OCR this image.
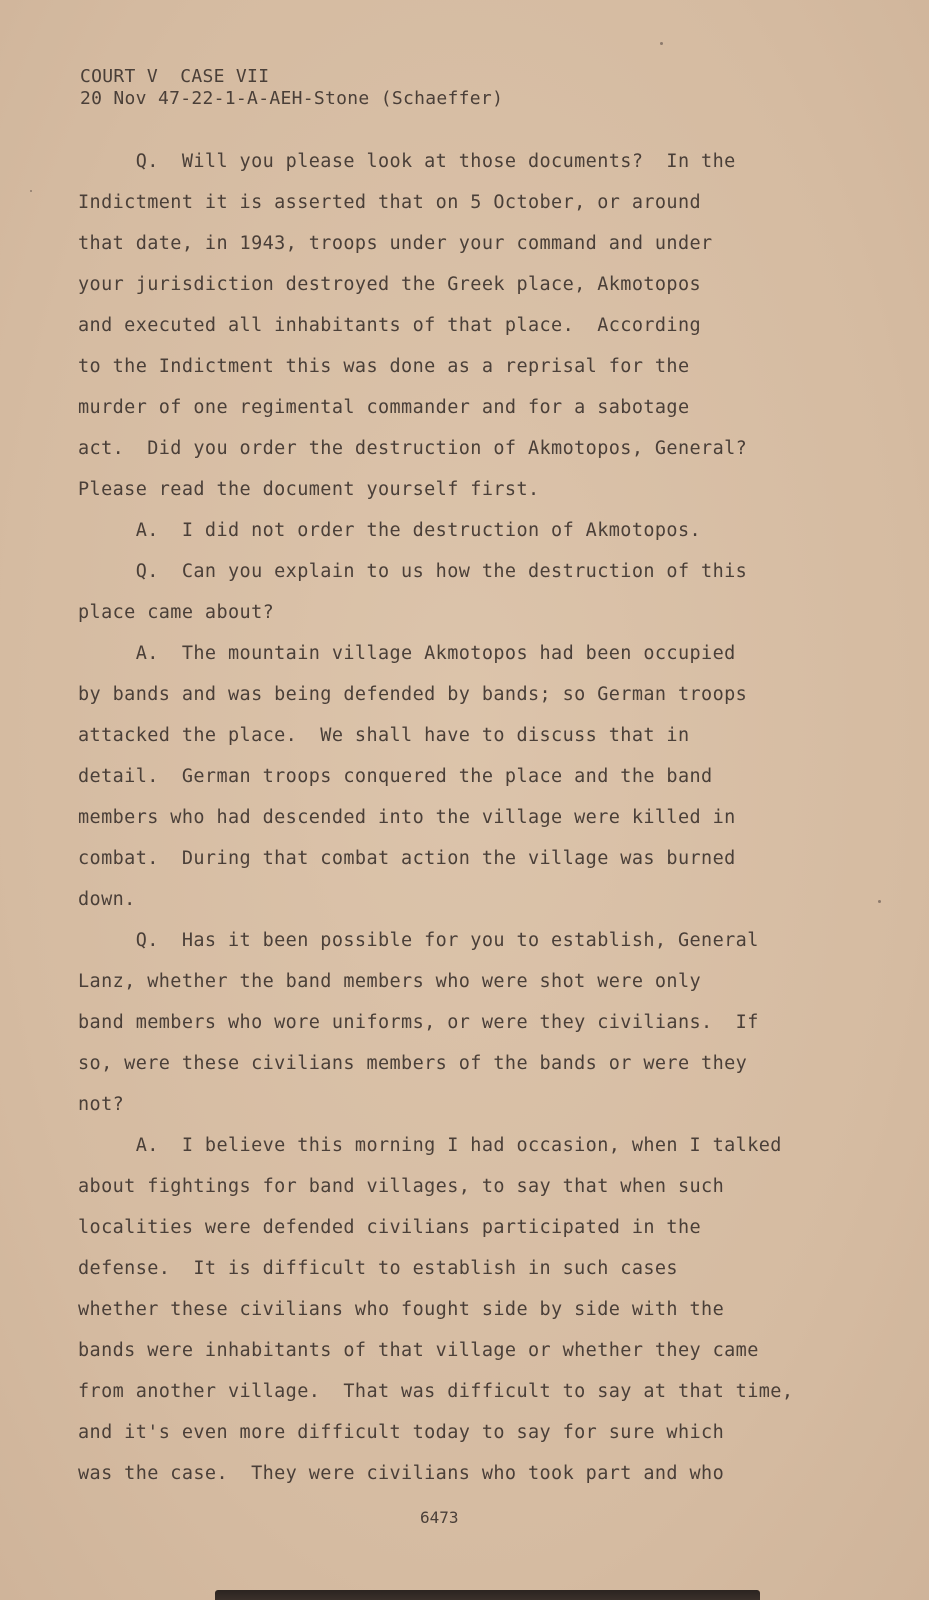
COURT V  CASE VII
20 Nov 47-22-1-A-AEH-Stone (Schaeffer)
Q.  Will you please look at those documents?  In the
Indictment it is asserted that on 5 October, or around
that date, in 1943, troops under your command and under
your jurisdiction destroyed the Greek place, Akmotopos
and executed all inhabitants of that place.  According
to the Indictment this was done as a reprisal for the
murder of one regimental commander and for a sabotage
act.  Did you order the destruction of Akmotopos, General?
Please read the document yourself first.
A.  I did not order the destruction of Akmotopos.
Q.  Can you explain to us how the destruction of this
place came about?
A.  The mountain village Akmotopos had been occupied
by bands and was being defended by bands; so German troops
attacked the place.  We shall have to discuss that in
detail.  German troops conquered the place and the band
members who had descended into the village were killed in
combat.  During that combat action the village was burned
down.
Q.  Has it been possible for you to establish, General
Lanz, whether the band members who were shot were only
band members who wore uniforms, or were they civilians.  If
so, were these civilians members of the bands or were they
not?
A.  I believe this morning I had occasion, when I talked
about fightings for band villages, to say that when such
localities were defended civilians participated in the
defense.  It is difficult to establish in such cases
whether these civilians who fought side by side with the
bands were inhabitants of that village or whether they came
from another village.  That was difficult to say at that time,
and it's even more difficult today to say for sure which
was the case.  They were civilians who took part and who
6473
